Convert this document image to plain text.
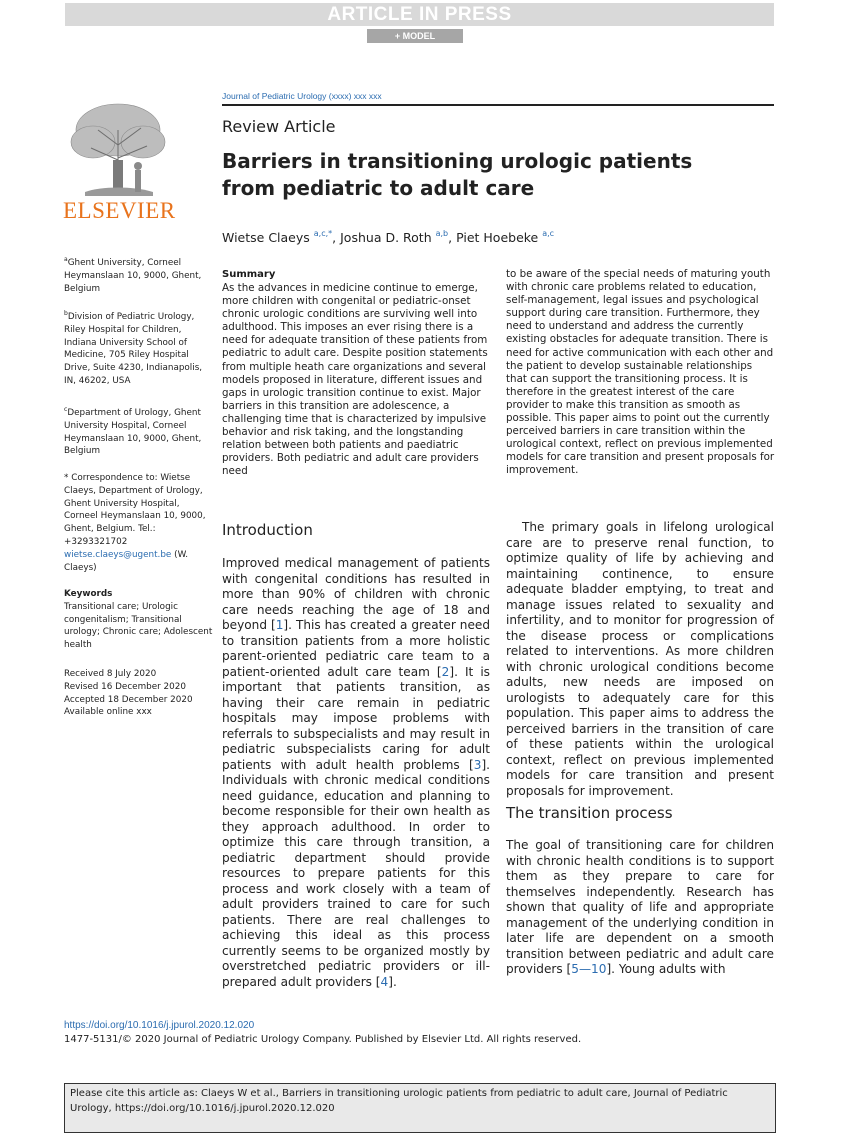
ARTICLE IN PRESS
+ MODEL
ELSEVIER
Journal of Pediatric Urology (xxxx) xxx xxx
Review Article
Barriers in transitioning urologic patients
from pediatric to adult care
Wietse Claeys $^{a,c,*}$, Joshua D. Roth $^{a,b}$, Piet Hoebeke $^{a,c}$
$^a$Ghent University, Corneel Heymanslaan 10, 9000, Ghent, Belgium
$^b$Division of Pediatric Urology, Riley Hospital for Children, Indiana University School of Medicine, 705 Riley Hospital Drive, Suite 4230, Indianapolis, IN, 46202, USA
$^c$Department of Urology, Ghent University Hospital, Corneel Heymanslaan 10, 9000, Ghent, Belgium
* Correspondence to: Wietse Claeys, Department of Urology, Ghent University Hospital, Corneel Heymanslaan 10, 9000, Ghent, Belgium. Tel.: +3293321702 wietse.claeys@ugent.be (W. Claeys)
Keywords
Transitional care; Urologic congenitalism; Transitional urology; Chronic care; Adolescent health
Received 8 July 2020
Revised 16 December 2020
Accepted 18 December 2020
Available online xxx
Summary
As the advances in medicine continue to emerge, more children with congenital or pediatric-onset chronic urologic conditions are surviving well into adulthood. This imposes an ever rising there is a need for adequate transition of these patients from pediatric to adult care. Despite position statements from multiple heath care organizations and several models proposed in literature, different issues and gaps in urologic transition continue to exist. Major barriers in this transition are adolescence, a challenging time that is characterized by impulsive behavior and risk taking, and the longstanding relation between both patients and paediatric providers. Both pediatric and adult care providers need
to be aware of the special needs of maturing youth with chronic care problems related to education, self-management, legal issues and psychological support during care transition. Furthermore, they need to understand and address the currently existing obstacles for adequate transition. There is need for active communication with each other and the patient to develop sustainable relationships that can support the transitioning process. It is therefore in the greatest interest of the care provider to make this transition as smooth as possible. This paper aims to point out the currently perceived barriers in care transition within the urological context, reflect on previous implemented models for care transition and present proposals for improvement.
Introduction
Improved medical management of patients with congenital conditions has resulted in more than 90% of children with chronic care needs reaching the age of 18 and beyond [1]. This has created a greater need to transition patients from a more holistic parent-oriented pediatric care team to a patient-oriented adult care team [2]. It is important that patients transition, as having their care remain in pediatric hospitals may impose problems with referrals to subspecialists and may result in pediatric subspecialists caring for adult patients with adult health problems [3]. Individuals with chronic medical conditions need guidance, education and planning to become responsible for their own health as they approach adulthood. In order to optimize this care through transition, a pediatric department should provide resources to prepare patients for this process and work closely with a team of adult providers trained to care for such patients. There are real challenges to achieving this ideal as this process currently seems to be organized mostly by overstretched pediatric providers or ill-prepared adult providers [4].
The primary goals in lifelong urological care are to preserve renal function, to optimize quality of life by achieving and maintaining continence, to ensure adequate bladder emptying, to treat and manage issues related to sexuality and infertility, and to monitor for progression of the disease process or complications related to interventions. As more children with chronic urological conditions become adults, new needs are imposed on urologists to adequately care for this population. This paper aims to address the perceived barriers in the transition of care of these patients within the urological context, reflect on previous implemented models for care transition and present proposals for improvement.
The transition process
The goal of transitioning care for children with chronic health conditions is to support them as they prepare to care for themselves independently. Research has shown that quality of life and appropriate management of the underlying condition in later life are dependent on a smooth transition between pediatric and adult care providers [5—10]. Young adults with
https://doi.org/10.1016/j.jpurol.2020.12.020
1477-5131/© 2020 Journal of Pediatric Urology Company. Published by Elsevier Ltd. All rights reserved.
Please cite this article as: Claeys W et al., Barriers in transitioning urologic patients from pediatric to adult care, Journal of Pediatric Urology, https://doi.org/10.1016/j.jpurol.2020.12.020
